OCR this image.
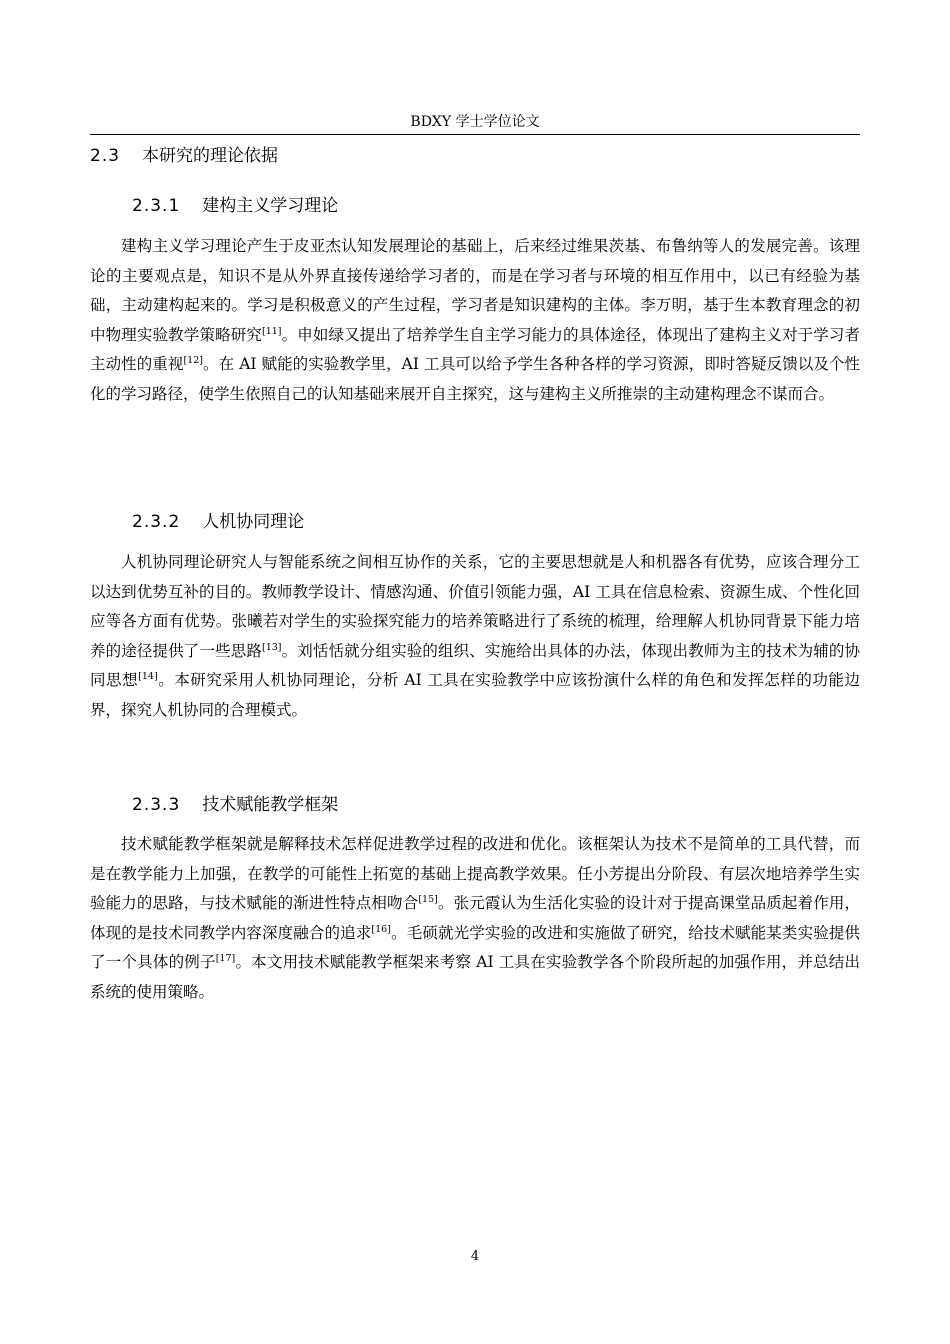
BDXY 学士学位论文
2.3 本研究的理论依据
2.3.1 建构主义学习理论

建构主义学习理论产生于皮亚杰认知发展理论的基础上，后来经过维果茨基、布鲁纳等人的发展完善。该理论的主要观点是，知识不是从外界直接传递给学习者的，而是在学习者与环境的相互作用中，以已有经验为基础，主动建构起来的。学习是积极意义的产生过程，学习者是知识建构的主体。李万明，基于生本教育理念的初中物理实验教学策略研究[11]。申如绿又提出了培养学生自主学习能力的具体途径，体现出了建构主义对于学习者主动性的重视[12]。在 AI 赋能的实验教学里，AI 工具可以给予学生各种各样的学习资源，即时答疑反馈以及个性化的学习路径，使学生依照自己的认知基础来展开自主探究，这与建构主义所推崇的主动建构理念不谋而合。

2.3.2 人机协同理论

人机协同理论研究人与智能系统之间相互协作的关系，它的主要思想就是人和机器各有优势，应该合理分工以达到优势互补的目的。教师教学设计、情感沟通、价值引领能力强，AI 工具在信息检索、资源生成、个性化回应等各方面有优势。张曦若对学生的实验探究能力的培养策略进行了系统的梳理，给理解人机协同背景下能力培养的途径提供了一些思路[13]。刘恬恬就分组实验的组织、实施给出具体的办法，体现出教师为主的技术为辅的协同思想[14]。本研究采用人机协同理论，分析 AI 工具在实验教学中应该扮演什么样的角色和发挥怎样的功能边界，探究人机协同的合理模式。

2.3.3 技术赋能教学框架

技术赋能教学框架就是解释技术怎样促进教学过程的改进和优化。该框架认为技术不是简单的工具代替，而是在教学能力上加强，在教学的可能性上拓宽的基础上提高教学效果。任小芳提出分阶段、有层次地培养学生实验能力的思路，与技术赋能的渐进性特点相吻合[15]。张元霞认为生活化实验的设计对于提高课堂品质起着作用，体现的是技术同教学内容深度融合的追求[16]。毛硕就光学实验的改进和实施做了研究，给技术赋能某类实验提供了一个具体的例子[17]。本文用技术赋能教学框架来考察 AI 工具在实验教学各个阶段所起的加强作用，并总结出系统的使用策略。

4
